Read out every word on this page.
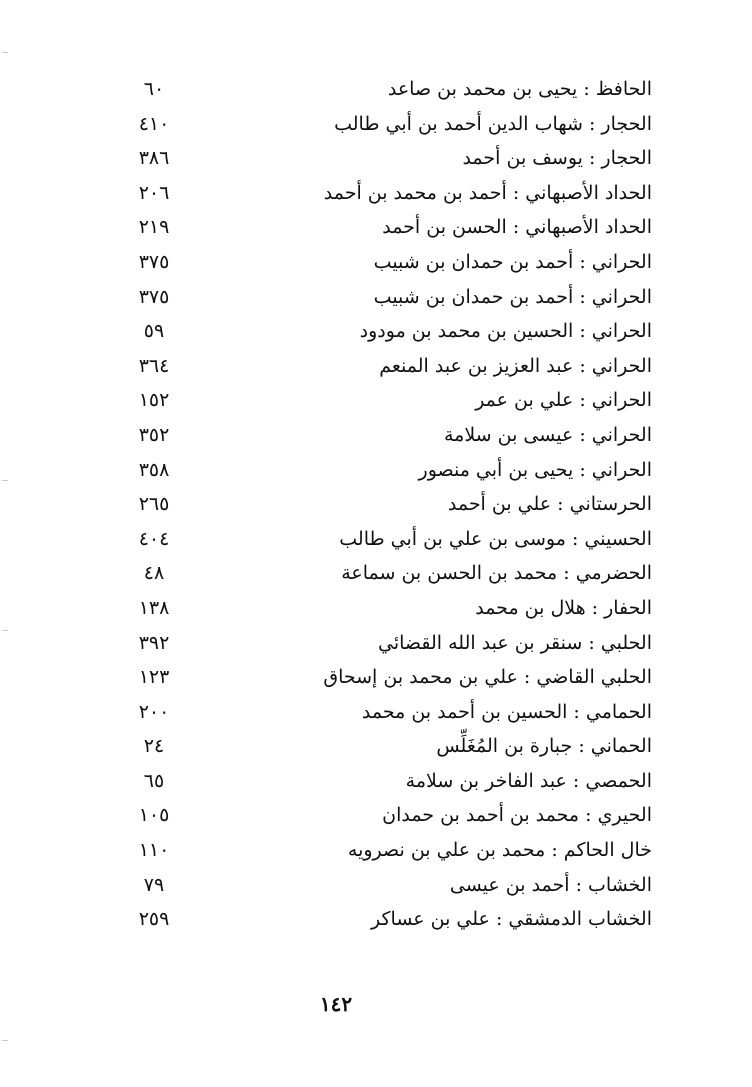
الحافظ : يحيى بن محمد بن صاعد
٦٠
الحجار : شهاب الدين أحمد بن أبي طالب
٤١٠
الحجار : يوسف بن أحمد
٣٨٦
الحداد الأصبهاني : أحمد بن محمد بن أحمد
٢٠٦
الحداد الأصبهاني : الحسن بن أحمد
٢١٩
الحراني : أحمد بن حمدان بن شبيب
٣٧٥
الحراني : أحمد بن حمدان بن شبيب
٣٧٥
الحراني : الحسين بن محمد بن مودود
٥٩
الحراني : عبد العزيز بن عبد المنعم
٣٦٤
الحراني : علي بن عمر
١٥٢
الحراني : عيسى بن سلامة
٣٥٢
الحراني : يحيى بن أبي منصور
٣٥٨
الحرستاني : علي بن أحمد
٢٦٥
الحسيني : موسى بن علي بن أبي طالب
٤٠٤
الحضرمي : محمد بن الحسن بن سماعة
٤٨
الحفار : هلال بن محمد
١٣٨
الحلبي : سنقر بن عبد الله القضائي
٣٩٢
الحلبي القاضي : علي بن محمد بن إسحاق
١٢٣
الحمامي : الحسين بن أحمد بن محمد
٢٠٠
الحماني : جبارة بن المُغَلِّس
٢٤
الحمصي : عبد الفاخر بن سلامة
٦٥
الحيري : محمد بن أحمد بن حمدان
١٠٥
خال الحاكم : محمد بن علي بن نصرويه
١١٠
الخشاب : أحمد بن عيسى
٧٩
الخشاب الدمشقي : علي بن عساكر
٢٥٩
١٤٢
